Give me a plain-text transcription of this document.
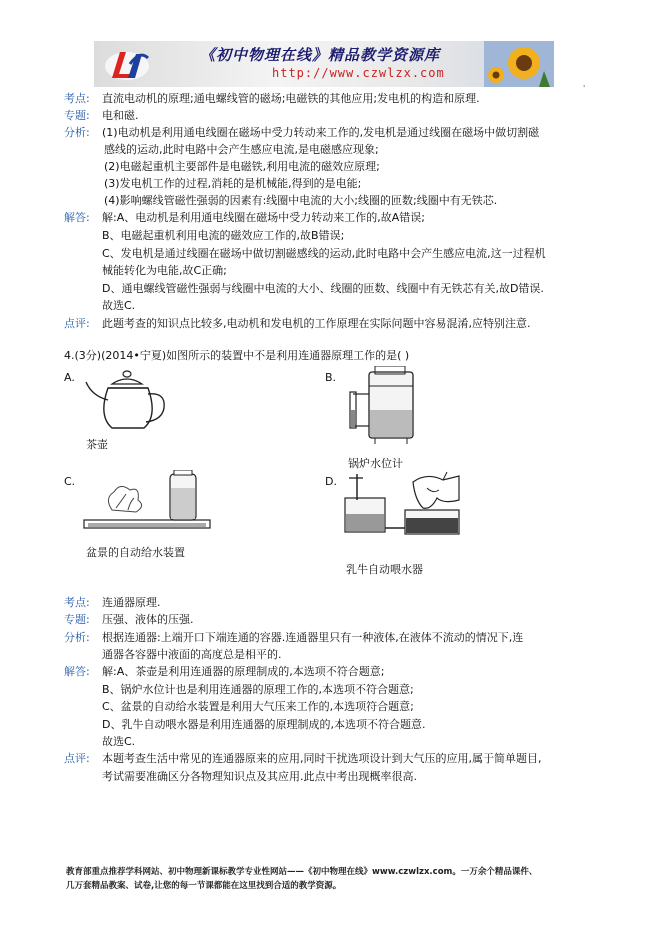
《初中物理在线》精品教学资源库
http://www.czwlzx.com
'
考点: 直流电动机的原理;通电螺线管的磁场;电磁铁的其他应用;发电机的构造和原理.
专题: 电和磁.
分析: (1)电动机是利用通电线圈在磁场中受力转动来工作的,发电机是通过线圈在磁场中做切割磁
感线的运动,此时电路中会产生感应电流,是电磁感应现象;
(2)电磁起重机主要部件是电磁铁,利用电流的磁效应原理;
(3)发电机工作的过程,消耗的是机械能,得到的是电能;
(4)影响螺线管磁性强弱的因素有:线圈中电流的大小;线圈的匝数;线圈中有无铁芯.
解答: 解:A、电动机是利用通电线圈在磁场中受力转动来工作的,故A错误;
B、电磁起重机利用电流的磁效应工作的,故B错误;
C、发电机是通过线圈在磁场中做切割磁感线的运动,此时电路中会产生感应电流,这一过程机
械能转化为电能,故C正确;
D、通电螺线管磁性强弱与线圈中电流的大小、线圈的匝数、线圈中有无铁芯有关,故D错误.
故选C.
点评: 此题考查的知识点比较多,电动机和发电机的工作原理在实际问题中容易混淆,应特别注意.
4.(3分)(2014•宁夏)如图所示的装置中不是利用连通器原理工作的是( )
A.
茶壶
B.
锅炉水位计
C.
盆景的自动给水装置
D.
乳牛自动喂水器
考点: 连通器原理.
专题: 压强、液体的压强.
分析: 根据连通器:上端开口下端连通的容器.连通器里只有一种液体,在液体不流动的情况下,连
通器各容器中液面的高度总是相平的.
解答: 解:A、茶壶是利用连通器的原理制成的,本选项不符合题意;
B、锅炉水位计也是利用连通器的原理工作的,本选项不符合题意;
C、盆景的自动给水装置是利用大气压来工作的,本选项符合题意;
D、乳牛自动喂水器是利用连通器的原理制成的,本选项不符合题意.
故选C.
点评: 本题考查生活中常见的连通器原来的应用,同时干扰选项设计到大气压的应用,属于简单题目,
考试需要准确区分各物理知识点及其应用.此点中考出现概率很高.
教育部重点推荐学科网站、初中物理新课标教学专业性网站——《初中物理在线》www.czwlzx.com。一万余个精品课件、
几万套精品教案、试卷,让您的每一节课都能在这里找到合适的教学资源。
